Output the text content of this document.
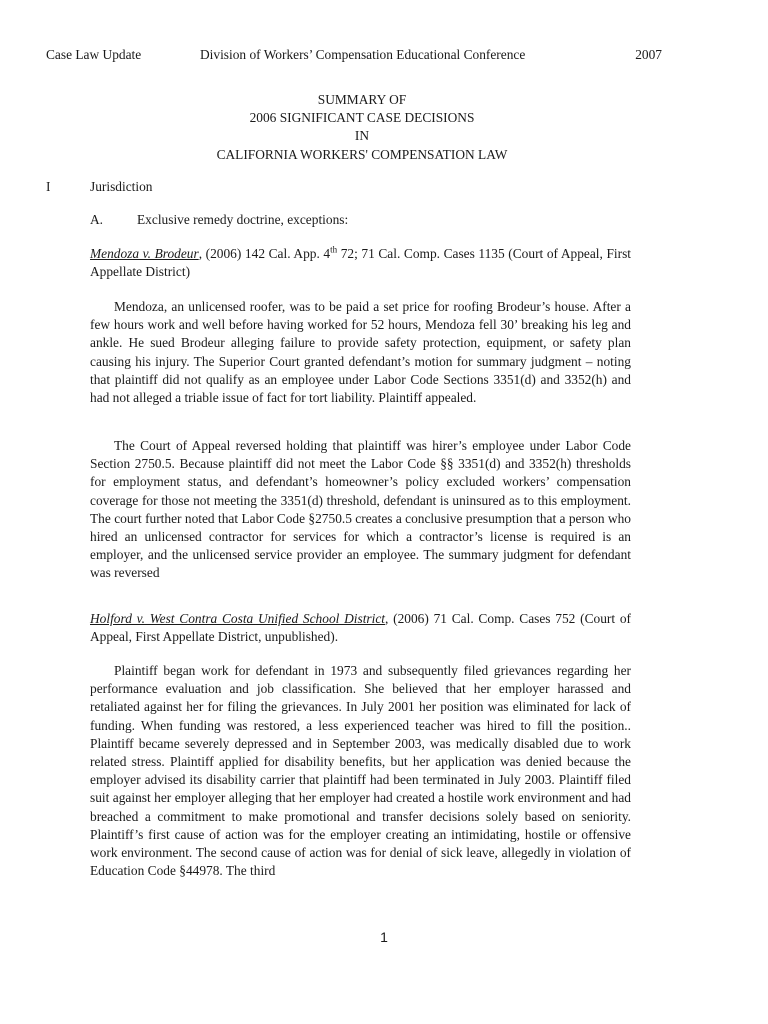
Case Law Update	Division of Workers’ Compensation Educational Conference	2007
SUMMARY OF
2006 SIGNIFICANT CASE DECISIONS
IN
CALIFORNIA WORKERS' COMPENSATION LAW
I	Jurisdiction
A.	Exclusive remedy doctrine, exceptions:
Mendoza v. Brodeur, (2006) 142 Cal. App. 4th 72; 71 Cal. Comp. Cases 1135 (Court of Appeal, First Appellate District)

Mendoza, an unlicensed roofer, was to be paid a set price for roofing Brodeur’s house. After a few hours work and well before having worked for 52 hours, Mendoza fell 30’ breaking his leg and ankle. He sued Brodeur alleging failure to provide safety protection, equipment, or safety plan causing his injury. The Superior Court granted defendant’s motion for summary judgment – noting that plaintiff did not qualify as an employee under Labor Code Sections 3351(d) and 3352(h) and had not alleged a triable issue of fact for tort liability. Plaintiff appealed.

The Court of Appeal reversed holding that plaintiff was hirer’s employee under Labor Code Section 2750.5. Because plaintiff did not meet the Labor Code §§ 3351(d) and 3352(h) thresholds for employment status, and defendant’s homeowner’s policy excluded workers’ compensation coverage for those not meeting the 3351(d) threshold, defendant is uninsured as to this employment. The court further noted that Labor Code §2750.5 creates a conclusive presumption that a person who hired an unlicensed contractor for services for which a contractor’s license is required is an employer, and the unlicensed service provider an employee. The summary judgment for defendant was reversed

Holford v. West Contra Costa Unified School District, (2006) 71 Cal. Comp. Cases 752 (Court of Appeal, First Appellate District, unpublished).

Plaintiff began work for defendant in 1973 and subsequently filed grievances regarding her performance evaluation and job classification. She believed that her employer harassed and retaliated against her for filing the grievances. In July 2001 her position was eliminated for lack of funding. When funding was restored, a less experienced teacher was hired to fill the position.. Plaintiff became severely depressed and in September 2003, was medically disabled due to work related stress. Plaintiff applied for disability benefits, but her application was denied because the employer advised its disability carrier that plaintiff had been terminated in July 2003. Plaintiff filed suit against her employer alleging that her employer had created a hostile work environment and had breached a commitment to make promotional and transfer decisions solely based on seniority. Plaintiff’s first cause of action was for the employer creating an intimidating, hostile or offensive work environment. The second cause of action was for denial of sick leave, allegedly in violation of Education Code §44978. The third

1
